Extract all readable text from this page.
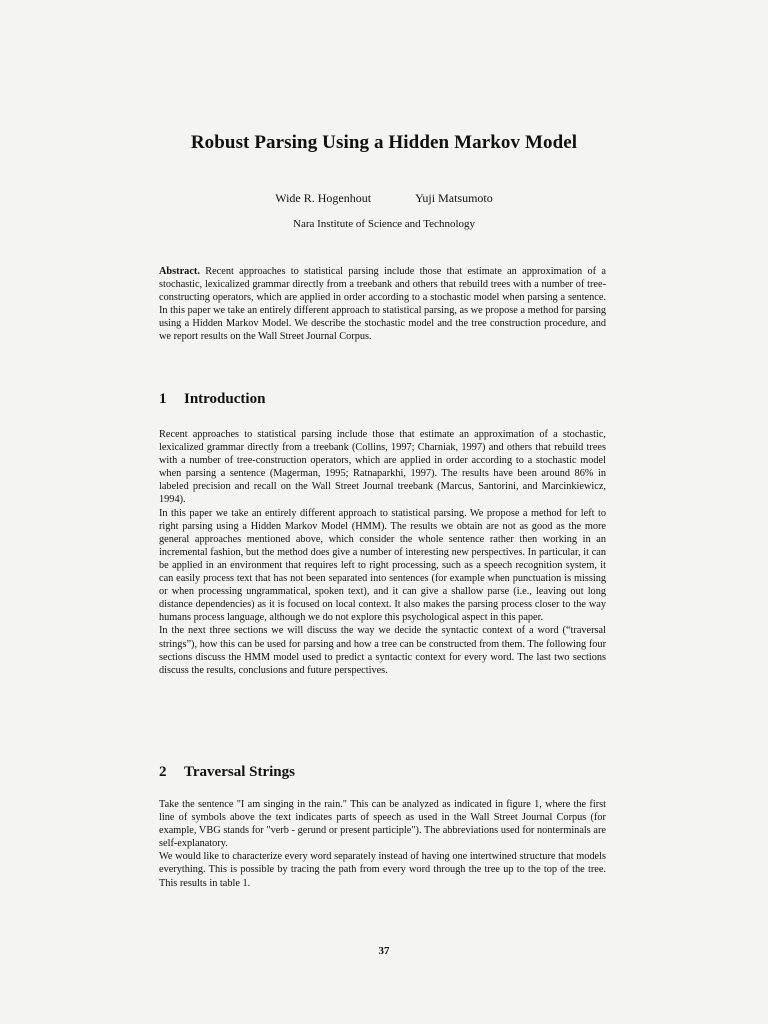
Robust Parsing Using a Hidden Markov Model
Wide R. Hogenhout	Yuji Matsumoto
Nara Institute of Science and Technology

Abstract. Recent approaches to statistical parsing include those that estimate an approximation of a stochastic, lexicalized grammar directly from a treebank and others that rebuild trees with a number of tree-constructing operators, which are applied in order according to a stochastic model when parsing a sentence. In this paper we take an entirely different approach to statistical parsing, as we propose a method for parsing using a Hidden Markov Model. We describe the stochastic model and the tree construction procedure, and we report results on the Wall Street Journal Corpus.

1 Introduction

Recent approaches to statistical parsing include those that estimate an approximation of a stochastic, lexicalized grammar directly from a treebank (Collins, 1997; Charniak, 1997) and others that rebuild trees with a number of tree-construction operators, which are applied in order according to a stochastic model when parsing a sentence (Magerman, 1995; Ratnaparkhi, 1997). The results have been around 86% in labeled precision and recall on the Wall Street Journal treebank (Marcus, Santorini, and Marcinkiewicz, 1994).

In this paper we take an entirely different approach to statistical parsing. We propose a method for left to right parsing using a Hidden Markov Model (HMM). The results we obtain are not as good as the more general approaches mentioned above, which consider the whole sentence rather then working in an incremental fashion, but the method does give a number of interesting new perspectives. In particular, it can be applied in an environment that requires left to right processing, such as a speech recognition system, it can easily process text that has not been separated into sentences (for example when punctuation is missing or when processing ungrammatical, spoken text), and it can give a shallow parse (i.e., leaving out long distance dependencies) as it is focused on local context. It also makes the parsing process closer to the way humans process language, although we do not explore this psychological aspect in this paper.

In the next three sections we will discuss the way we decide the syntactic context of a word (“traversal strings”), how this can be used for parsing and how a tree can be constructed from them. The following four sections discuss the HMM model used to predict a syntactic context for every word. The last two sections discuss the results, conclusions and future perspectives.

2 Traversal Strings

Take the sentence "I am singing in the rain." This can be analyzed as indicated in figure 1, where the first line of symbols above the text indicates parts of speech as used in the Wall Street Journal Corpus (for example, VBG stands for "verb - gerund or present participle"). The abbreviations used for nonterminals are self-explanatory.

We would like to characterize every word separately instead of having one intertwined structure that models everything. This is possible by tracing the path from every word through the tree up to the top of the tree. This results in table 1.

37
